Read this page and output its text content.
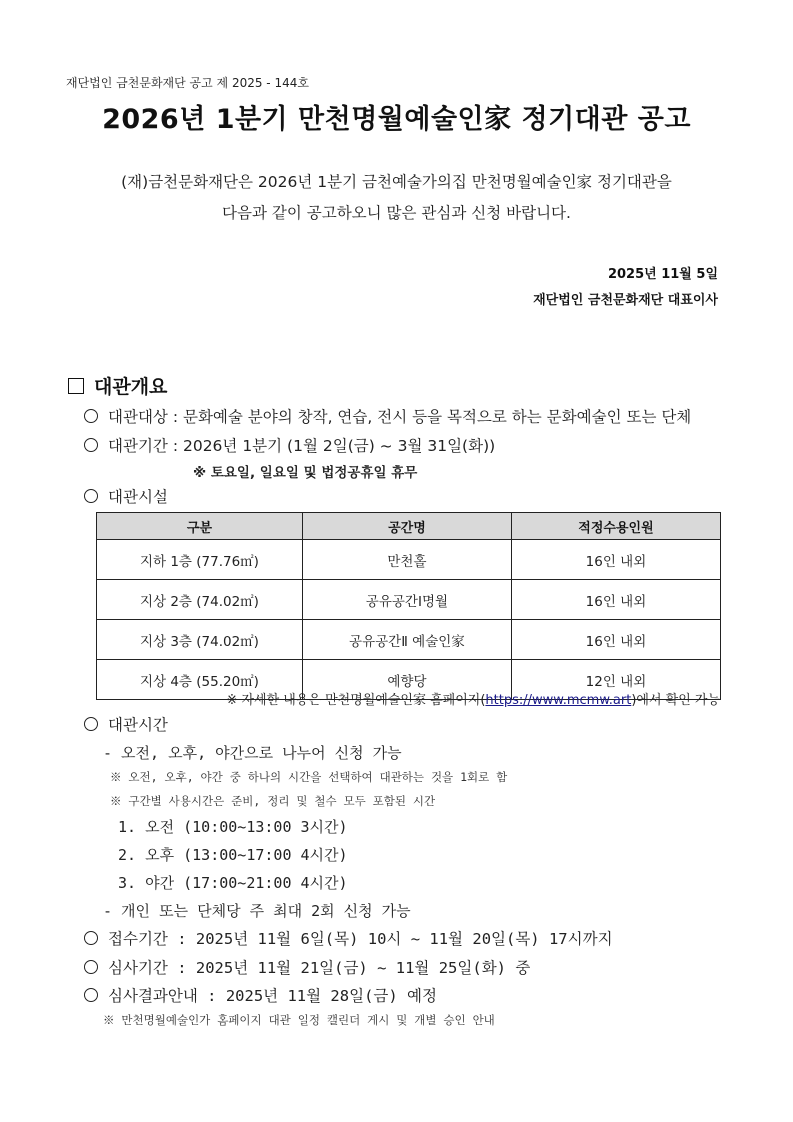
재단법인 금천문화재단 공고 제 2025 - 144호
2026년 1분기 만천명월예술인家 정기대관 공고
(재)금천문화재단은 2026년 1분기 금천예술가의집 만천명월예술인家 정기대관을
다음과 같이 공고하오니 많은 관심과 신청 바랍니다.
2025년 11월 5일
재단법인 금천문화재단 대표이사
대관개요
대관대상 : 문화예술 분야의 창작, 연습, 전시 등을 목적으로 하는 문화예술인 또는 단체
대관기간 : 2026년 1분기 (1월 2일(금) ~ 3월 31일(화))
※ 토요일, 일요일 및 법정공휴일 휴무
대관시설
구분	공간명	적정수용인원
지하 1층 (77.76㎡)	만천홀	16인 내외
지상 2층 (74.02㎡)	공유공간Ⅰ명월	16인 내외
지상 3층 (74.02㎡)	공유공간Ⅱ 예술인家	16인 내외
지상 4층 (55.20㎡)	예향당	12인 내외
※ 자세한 내용은 만천명월예술인家 홈페이지(https://www.mcmw.art)에서 확인 가능
대관시간
- 오전, 오후, 야간으로 나누어 신청 가능
※ 오전, 오후, 야간 중 하나의 시간을 선택하여 대관하는 것을 1회로 함
※ 구간별 사용시간은 준비, 정리 및 철수 모두 포함된 시간
1. 오전 (10:00~13:00 3시간)
2. 오후 (13:00~17:00 4시간)
3. 야간 (17:00~21:00 4시간)
- 개인 또는 단체당 주 최대 2회 신청 가능
접수기간 : 2025년 11월 6일(목) 10시 ~ 11월 20일(목) 17시까지
심사기간 : 2025년 11월 21일(금) ~ 11월 25일(화) 중
심사결과안내 : 2025년 11월 28일(금) 예정
※ 만천명월예술인가 홈페이지 대관 일정 캘린더 게시 및 개별 승인 안내
